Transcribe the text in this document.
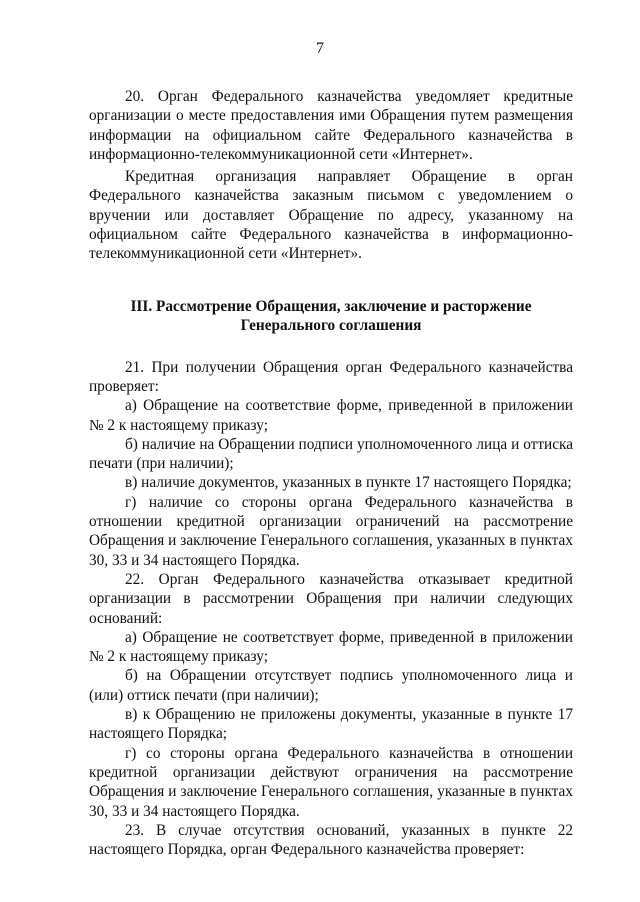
7

20. Орган Федерального казначейства уведомляет кредитные организации о месте предоставления ими Обращения путем размещения информации на официальном сайте Федерального казначейства в информационно-телекоммуникационной сети «Интернет».

Кредитная организация направляет Обращение в орган Федерального казначейства заказным письмом с уведомлением о вручении или доставляет Обращение по адресу, указанному на официальном сайте Федерального казначейства в информационно-телекоммуникационной сети «Интернет».

III. Рассмотрение Обращения, заключение и расторжение
Генерального соглашения

21. При получении Обращения орган Федерального казначейства проверяет:

а) Обращение на соответствие форме, приведенной в приложении № 2 к настоящему приказу;

б) наличие на Обращении подписи уполномоченного лица и оттиска печати (при наличии);

в) наличие документов, указанных в пункте 17 настоящего Порядка;

г) наличие со стороны органа Федерального казначейства в отношении кредитной организации ограничений на рассмотрение Обращения и заключение Генерального соглашения, указанных в пунктах 30, 33 и 34 настоящего Порядка.

22. Орган Федерального казначейства отказывает кредитной организации в рассмотрении Обращения при наличии следующих оснований:

а) Обращение не соответствует форме, приведенной в приложении № 2 к настоящему приказу;

б) на Обращении отсутствует подпись уполномоченного лица и (или) оттиск печати (при наличии);

в) к Обращению не приложены документы, указанные в пункте 17 настоящего Порядка;

г) со стороны органа Федерального казначейства в отношении кредитной организации действуют ограничения на рассмотрение Обращения и заключение Генерального соглашения, указанные в пунктах 30, 33 и 34 настоящего Порядка.

23. В случае отсутствия оснований, указанных в пункте 22 настоящего Порядка, орган Федерального казначейства проверяет:
